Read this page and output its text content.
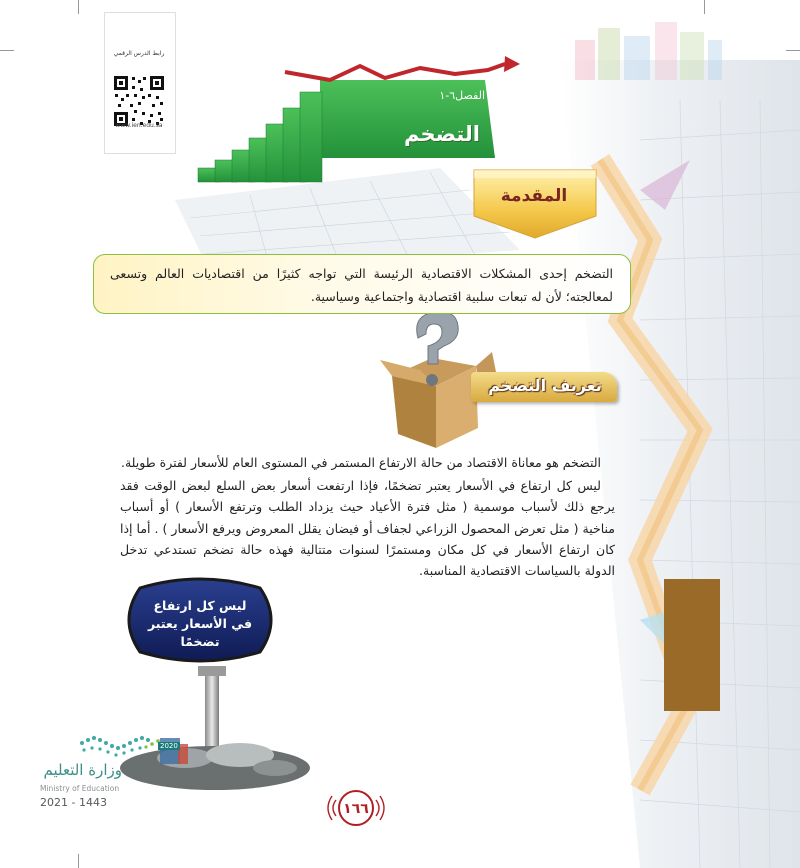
رابط الدرس الرقمي
www.ien.edu.sa
الفصل٦-١
التضخم
المقدمة
التضخم إحدى المشكلات الاقتصادية الرئيسة التي تواجه كثيرًا من اقتصاديات العالم وتسعى لمعالجته؛ لأن له تبعات سلبية اقتصادية واجتماعية وسياسية.
تعريف التضخم

التضخم هو معاناة الاقتصاد من حالة الارتفاع المستمر في المستوى العام للأسعار لفترة طويلة.

ليس كل ارتفاع في الأسعار يعتبر تضخمًا، فإذا ارتفعت أسعار بعض السلع لبعض الوقت فقد يرجع ذلك لأسباب موسمية ( مثل فترة الأعياد حيث يزداد الطلب وترتفع الأسعار ) أو أسباب مناخية ( مثل تعرض المحصول الزراعي لجفاف أو فيضان يقلل المعروض ويرفع الأسعار ) . أما إذا كان ارتفاع الأسعار في كل مكان ومستمرًا لسنوات متتالية فهذه حالة تضخم تستدعي تدخل الدولة بالسياسات الاقتصادية المناسبة.

ليس كل ارتفاع
في الأسعار يعتبر تضخمًا
2020
وزارة التعليم
Ministry of Education
2021 - 1443	١٦٦
